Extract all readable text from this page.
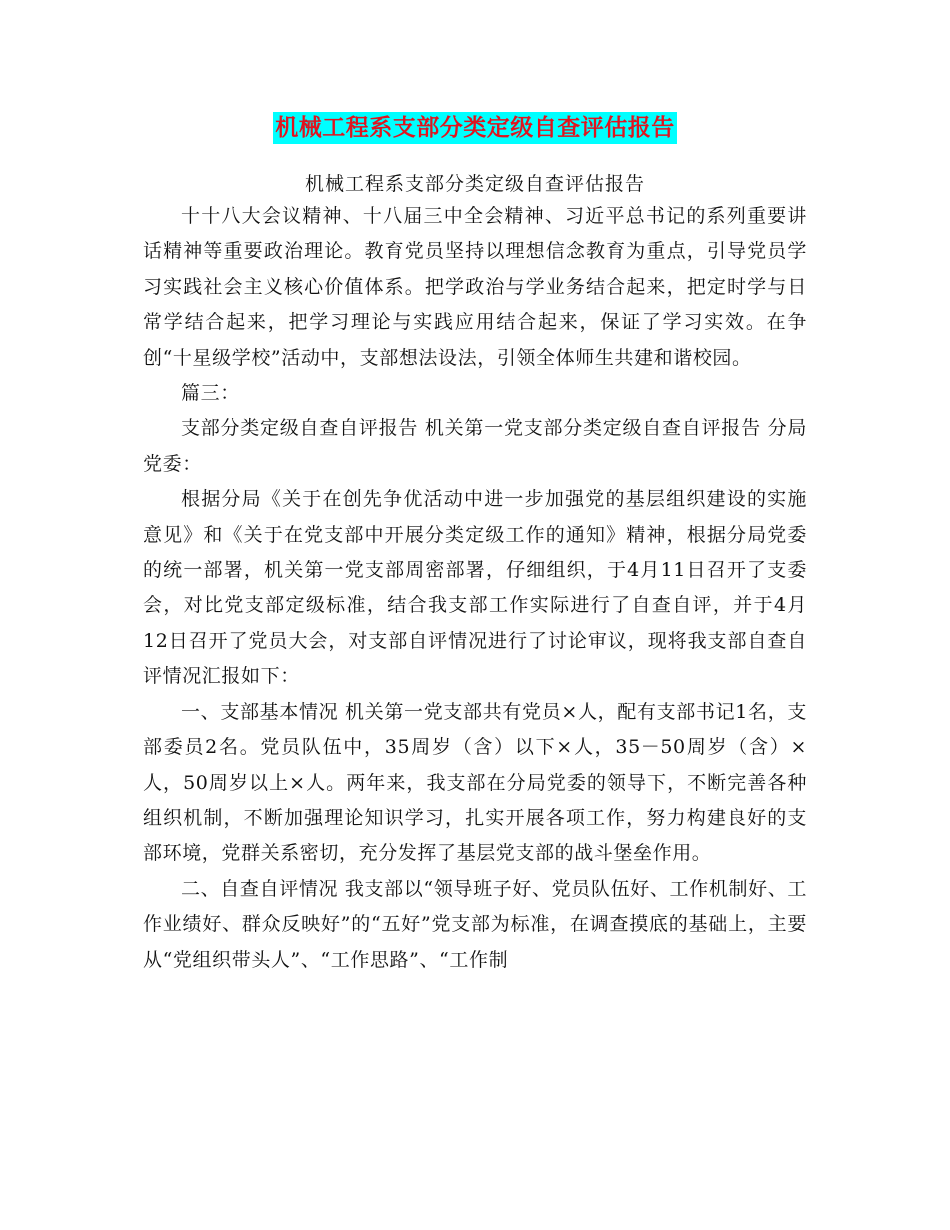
机械工程系支部分类定级自查评估报告
机械工程系支部分类定级自查评估报告

十十八大会议精神、十八届三中全会精神、习近平总书记的系列重要讲话精神等重要政治理论。教育党员坚持以理想信念教育为重点，引导党员学习实践社会主义核心价值体系。把学政治与学业务结合起来，把定时学与日常学结合起来，把学习理论与实践应用结合起来，保证了学习实效。在争创“十星级学校”活动中，支部想法设法，引领全体师生共建和谐校园。

篇三：

支部分类定级自查自评报告 机关第一党支部分类定级自查自评报告 分局党委：

根据分局《关于在创先争优活动中进一步加强党的基层组织建设的实施意见》和《关于在党支部中开展分类定级工作的通知》精神，根据分局党委的统一部署，机关第一党支部周密部署，仔细组织，于4月11日召开了支委会，对比党支部定级标准，结合我支部工作实际进行了自查自评，并于4月12日召开了党员大会，对支部自评情况进行了讨论审议，现将我支部自查自评情况汇报如下：

一、支部基本情况 机关第一党支部共有党员×人，配有支部书记1名，支部委员2名。党员队伍中，35周岁（含）以下×人，35－50周岁（含）×人，50周岁以上×人。两年来，我支部在分局党委的领导下，不断完善各种组织机制，不断加强理论知识学习，扎实开展各项工作，努力构建良好的支部环境，党群关系密切，充分发挥了基层党支部的战斗堡垒作用。

二、自查自评情况 我支部以“领导班子好、党员队伍好、工作机制好、工作业绩好、群众反映好”的“五好”党支部为标准，在调查摸底的基础上，主要从“党组织带头人”、“工作思路”、“工作制
